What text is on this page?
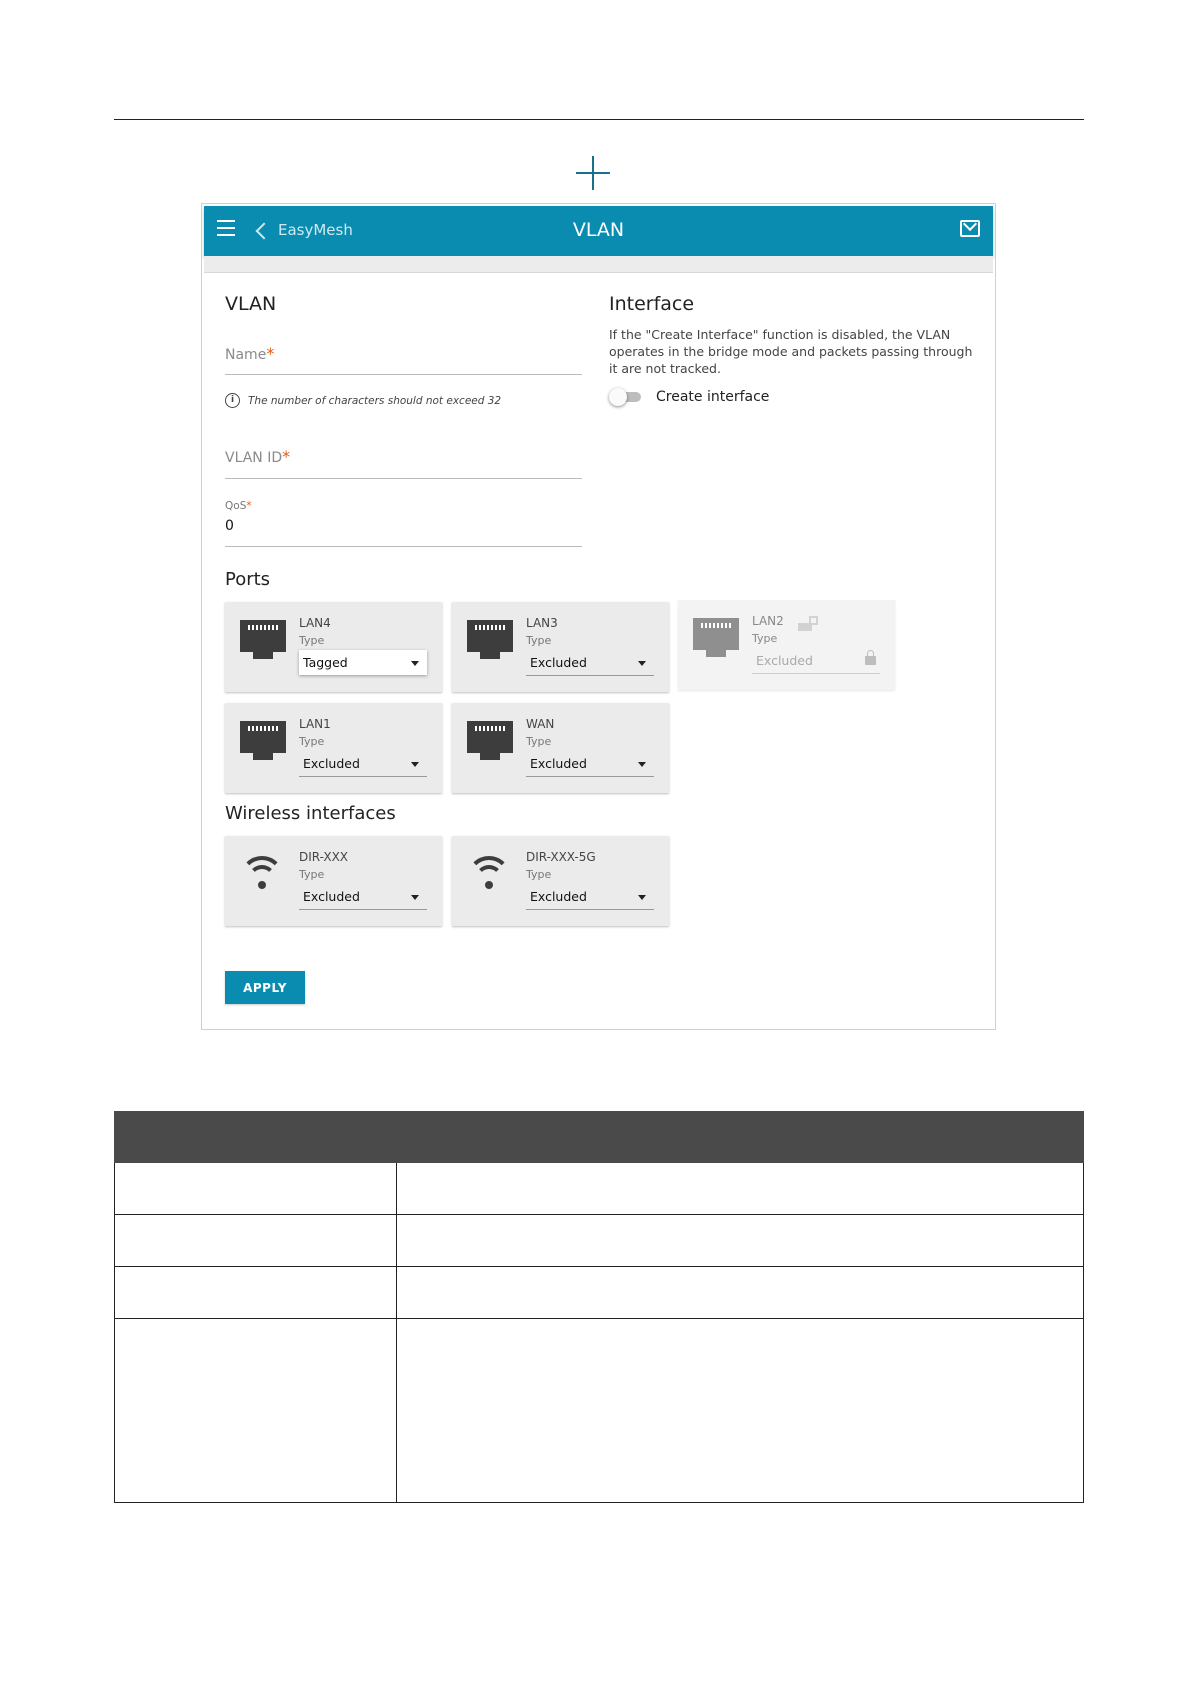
EasyMesh	VLAN
VLAN
Name*
i	The number of characters should not exceed 32
VLAN ID*
QoS*
0
Interface
If the "Create Interface" function is disabled, the VLAN operates in the bridge mode and packets passing through it are not tracked.
Create interface
Ports
LAN4
Type
Tagged
LAN3
Type
Excluded
LAN2
Type
Excluded
LAN1
Type
Excluded
WAN
Type
Excluded
Wireless interfaces
DIR-XXX
Type
Excluded
DIR-XXX-5G
Type
Excluded
APPLY
